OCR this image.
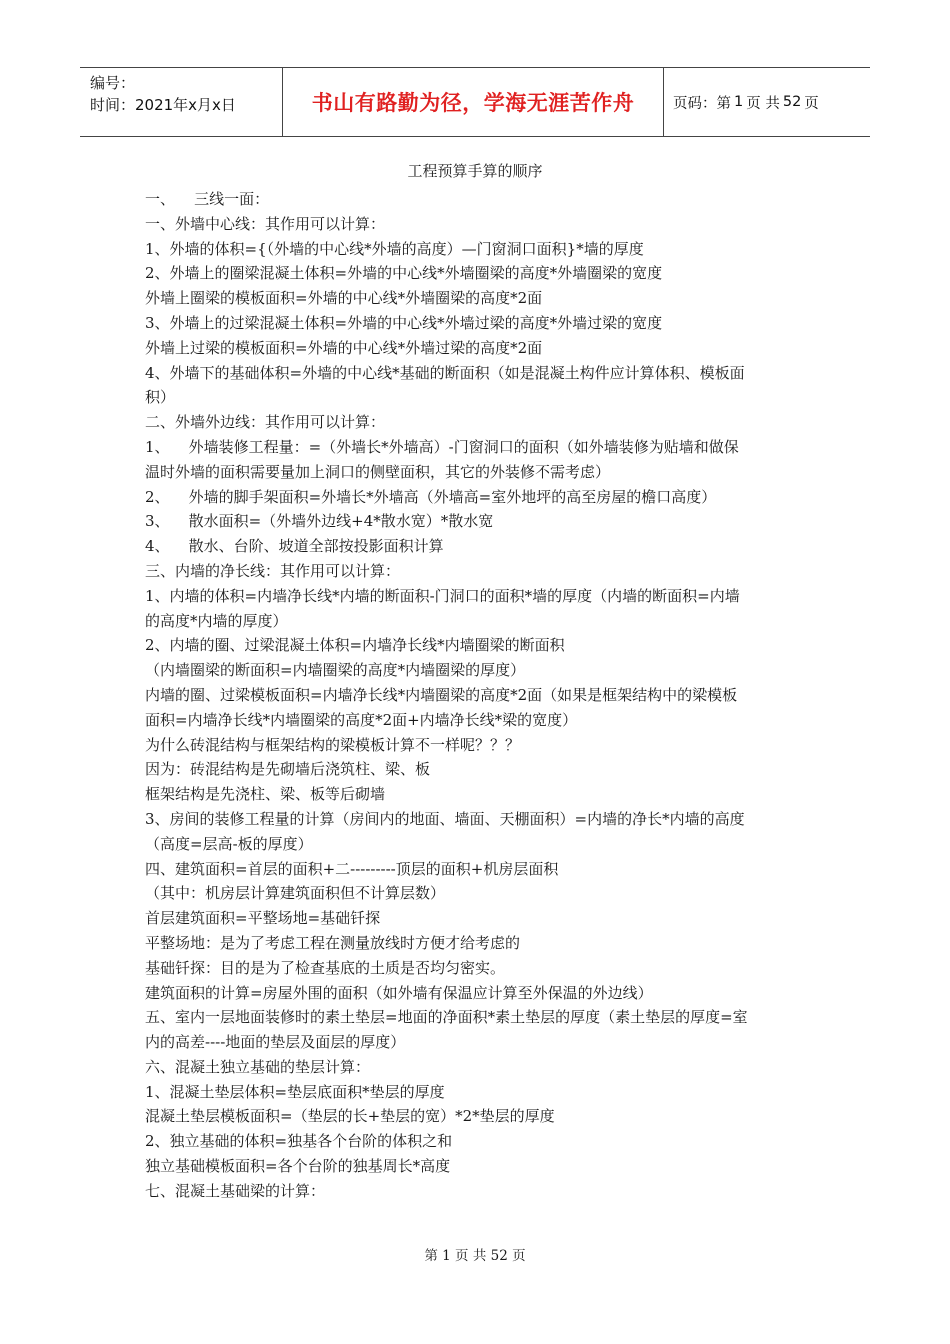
编号：
时间：2021年x月x日	书山有路勤为径，学海无涯苦作舟	页码：第 1 页 共 52 页
工程预算手算的顺序
一、    三线一面：
一、外墙中心线：其作用可以计算：
1、外墙的体积={（外墙的中心线*外墙的高度）—门窗洞口面积}*墙的厚度
2、外墙上的圈梁混凝土体积=外墙的中心线*外墙圈梁的高度*外墙圈梁的宽度
外墙上圈梁的模板面积=外墙的中心线*外墙圈梁的高度*2面
3、外墙上的过梁混凝土体积=外墙的中心线*外墙过梁的高度*外墙过梁的宽度
外墙上过梁的模板面积=外墙的中心线*外墙过梁的高度*2面
4、外墙下的基础体积=外墙的中心线*基础的断面积（如是混凝土构件应计算体积、模板面
积）
二、外墙外边线：其作用可以计算：
1、    外墙装修工程量：=（外墙长*外墙高）-门窗洞口的面积（如外墙装修为贴墙和做保
温时外墙的面积需要量加上洞口的侧壁面积，其它的外装修不需考虑）
2、    外墙的脚手架面积=外墙长*外墙高（外墙高=室外地坪的高至房屋的檐口高度）
3、    散水面积=（外墙外边线+4*散水宽）*散水宽
4、    散水、台阶、坡道全部按投影面积计算
三、内墙的净长线：其作用可以计算：
1、内墙的体积=内墙净长线*内墙的断面积-门洞口的面积*墙的厚度（内墙的断面积=内墙
的高度*内墙的厚度）
2、内墙的圈、过梁混凝土体积=内墙净长线*内墙圈梁的断面积
（内墙圈梁的断面积=内墙圈梁的高度*内墙圈梁的厚度）
内墙的圈、过梁模板面积=内墙净长线*内墙圈梁的高度*2面（如果是框架结构中的梁模板
面积=内墙净长线*内墙圈梁的高度*2面+内墙净长线*梁的宽度）
为什么砖混结构与框架结构的梁模板计算不一样呢？？？
因为：砖混结构是先砌墙后浇筑柱、梁、板
框架结构是先浇柱、梁、板等后砌墙
3、房间的装修工程量的计算（房间内的地面、墙面、天棚面积）=内墙的净长*内墙的高度
（高度=层高-板的厚度）
四、建筑面积=首层的面积+二---------顶层的面积+机房层面积
（其中：机房层计算建筑面积但不计算层数）
首层建筑面积=平整场地=基础钎探
平整场地：是为了考虑工程在测量放线时方便才给考虑的
基础钎探：目的是为了检查基底的土质是否均匀密实。
建筑面积的计算=房屋外围的面积（如外墙有保温应计算至外保温的外边线）
五、室内一层地面装修时的素土垫层=地面的净面积*素土垫层的厚度（素土垫层的厚度=室
内的高差----地面的垫层及面层的厚度）
六、混凝土独立基础的垫层计算：
1、混凝土垫层体积=垫层底面积*垫层的厚度
混凝土垫层模板面积=（垫层的长+垫层的宽）*2*垫层的厚度
2、独立基础的体积=独基各个台阶的体积之和
独立基础模板面积=各个台阶的独基周长*高度
七、混凝土基础梁的计算：
第 1 页 共 52 页
